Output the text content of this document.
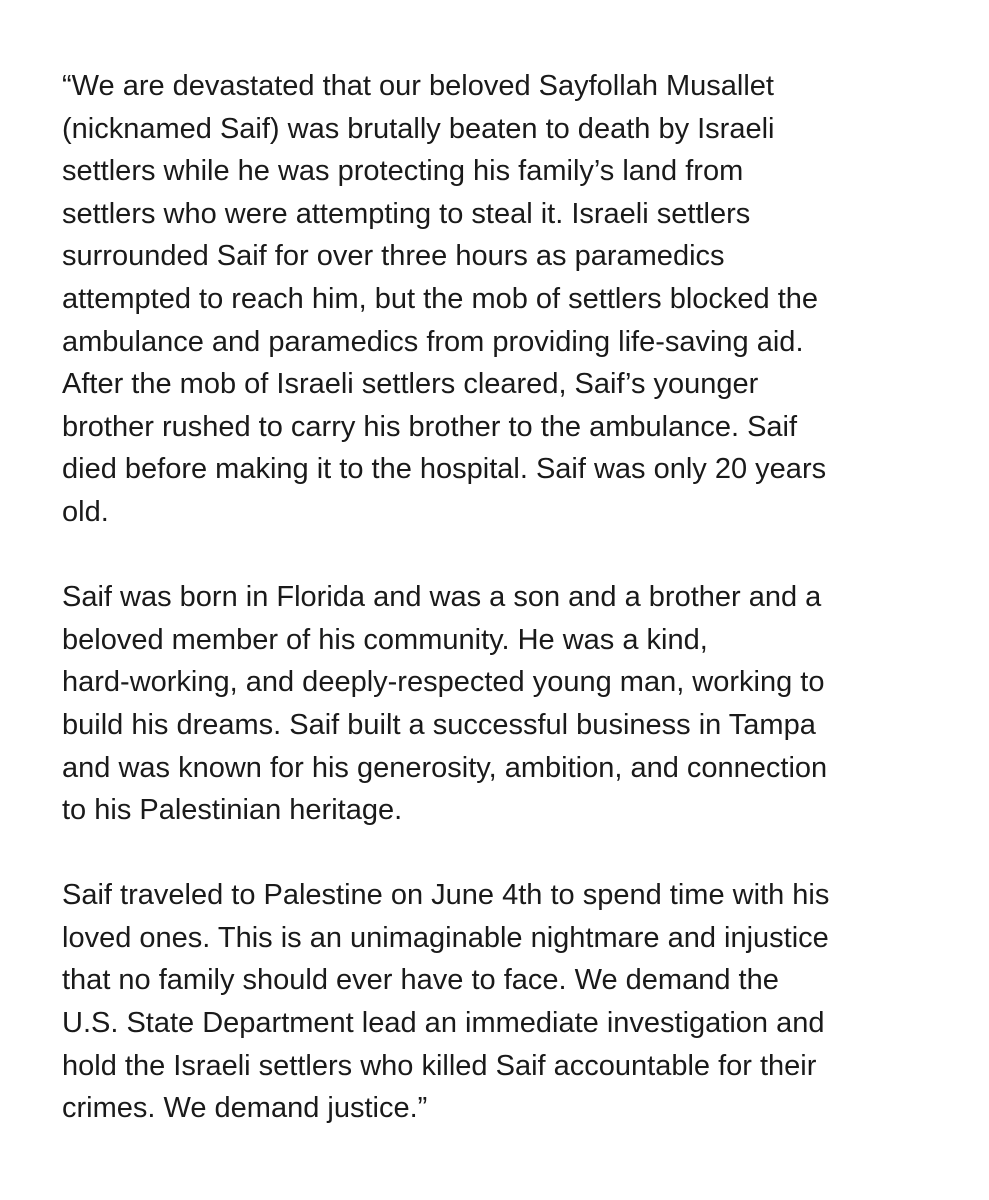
“We are devastated that our beloved Sayfollah Musallet
(nicknamed Saif) was brutally beaten to death by Israeli
settlers while he was protecting his family’s land from
settlers who were attempting to steal it. Israeli settlers
surrounded Saif for over three hours as paramedics
attempted to reach him, but the mob of settlers blocked the
ambulance and paramedics from providing life-saving aid.
After the mob of Israeli settlers cleared, Saif’s younger
brother rushed to carry his brother to the ambulance. Saif
died before making it to the hospital. Saif was only 20 years
old.

Saif was born in Florida and was a son and a brother and a
beloved member of his community. He was a kind,
hard-working, and deeply-respected young man, working to
build his dreams. Saif built a successful business in Tampa
and was known for his generosity, ambition, and connection
to his Palestinian heritage.

Saif traveled to Palestine on June 4th to spend time with his
loved ones. This is an unimaginable nightmare and injustice
that no family should ever have to face. We demand the
U.S. State Department lead an immediate investigation and
hold the Israeli settlers who killed Saif accountable for their
crimes. We demand justice.”
